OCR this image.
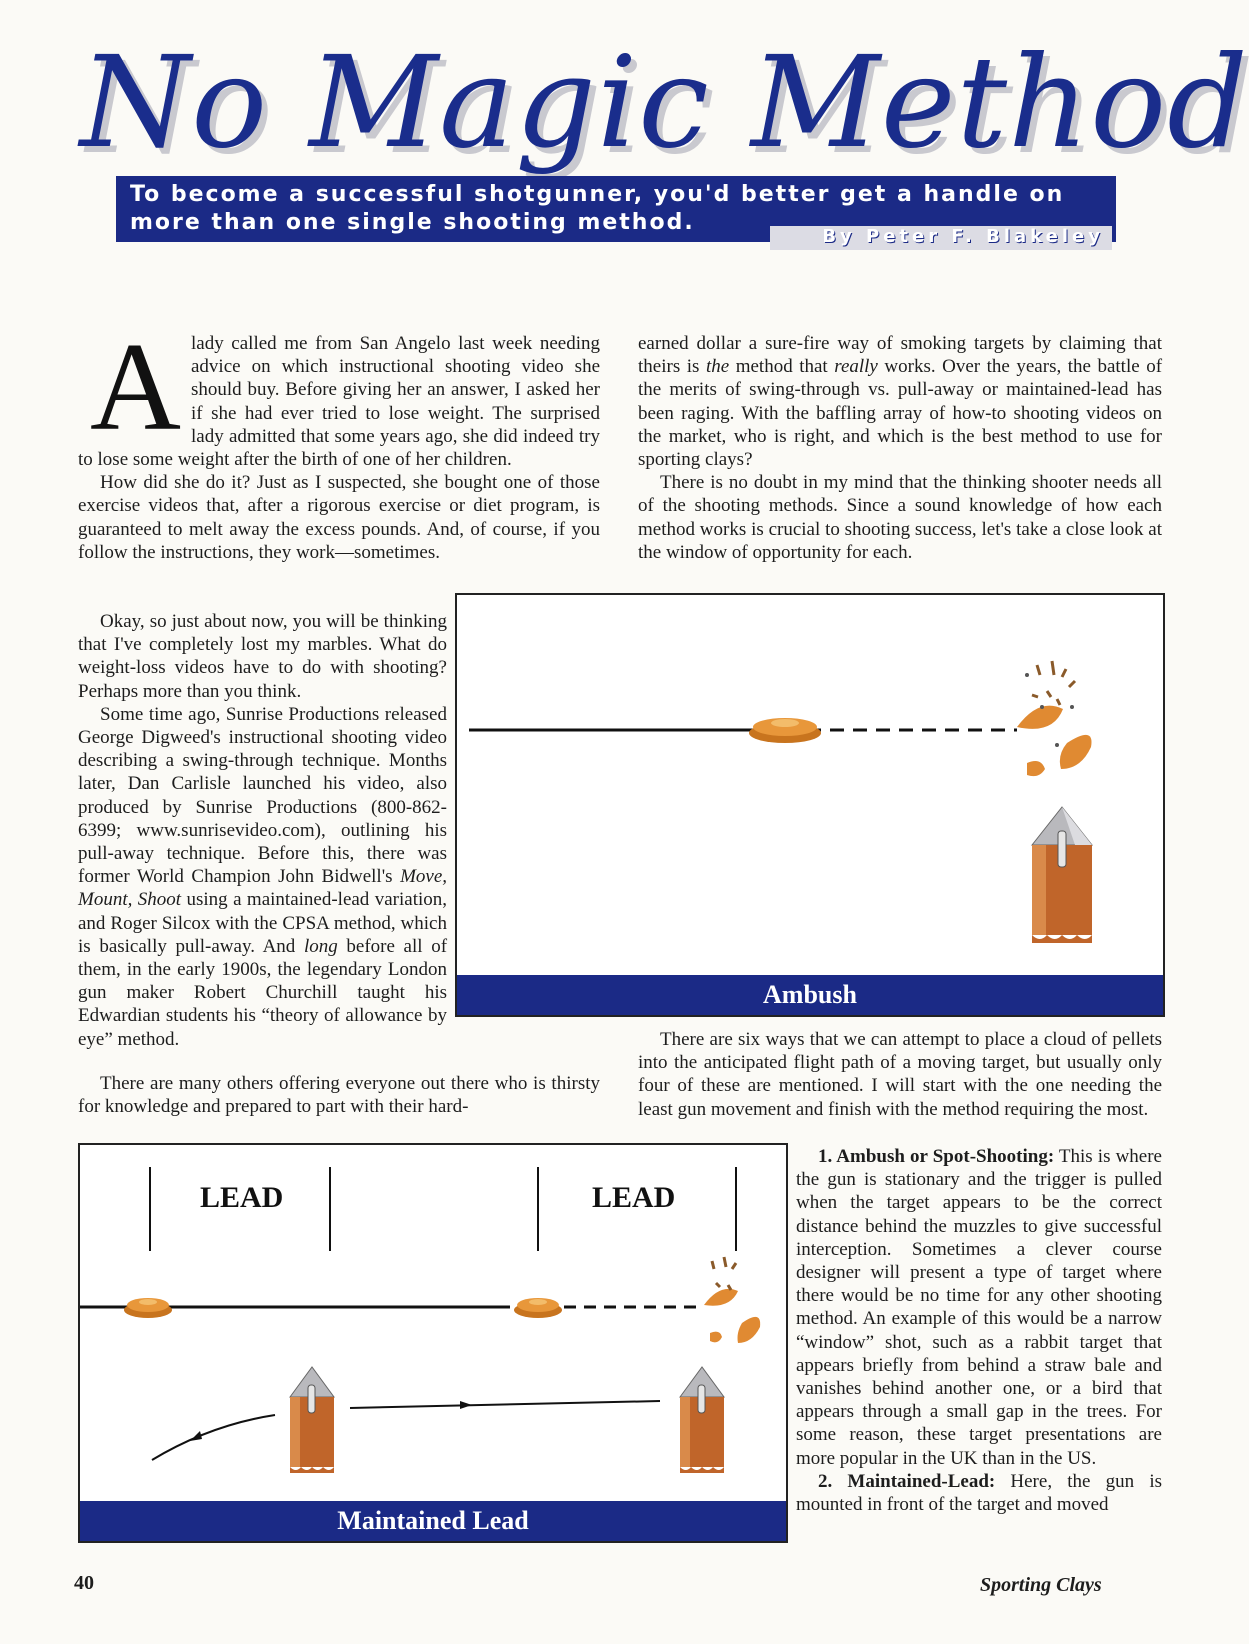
No Magic Method
To become a successful shotgunner, you'd better get a handle on
more than one single shooting method.
By Peter F. Blakeley
A lady called me from San Angelo last week needing advice on which instructional shooting video she should buy. Before giving her an answer, I asked her if she had ever tried to lose weight. The surprised lady admitted that some years ago, she did indeed try to lose some weight after the birth of one of her children.

How did she do it? Just as I suspected, she bought one of those exercise videos that, after a rigorous exercise or diet program, is guaranteed to melt away the excess pounds. And, of course, if you follow the instructions, they work—sometimes.

Okay, so just about now, you will be thinking that I've completely lost my marbles. What do weight-loss videos have to do with shooting? Perhaps more than you think.

Some time ago, Sunrise Productions released George Digweed's instructional shooting video describing a swing-through technique. Months later, Dan Carlisle launched his video, also produced by Sunrise Productions (800-862-6399; www.sunrisevideo.com), outlining his pull-away technique. Before this, there was former World Champion John Bidwell's Move, Mount, Shoot using a maintained-lead variation, and Roger Silcox with the CPSA method, which is basically pull-away. And long before all of them, in the early 1900s, the legendary London gun maker Robert Churchill taught his Edwardian students his “theory of allowance by eye” method.

There are many others offering everyone out there who is thirsty for knowledge and prepared to part with their hard-

earned dollar a sure-fire way of smoking targets by claiming that theirs is the method that really works. Over the years, the battle of the merits of swing-through vs. pull-away or maintained-lead has been raging. With the baffling array of how-to shooting videos on the market, who is right, and which is the best method to use for sporting clays?

There is no doubt in my mind that the thinking shooter needs all of the shooting methods. Since a sound knowledge of how each method works is crucial to shooting success, let's take a close look at the window of opportunity for each.

Ambush

There are six ways that we can attempt to place a cloud of pellets into the anticipated flight path of a moving target, but usually only four of these are mentioned. I will start with the one needing the least gun movement and finish with the method requiring the most.

LEAD	LEAD
Maintained Lead

1. Ambush or Spot-Shooting: This is where the gun is stationary and the trigger is pulled when the target appears to be the correct distance behind the muzzles to give successful interception. Sometimes a clever course designer will present a type of target where there would be no time for any other shooting method. An example of this would be a narrow “window” shot, such as a rabbit target that appears briefly from behind a straw bale and vanishes behind another one, or a bird that appears through a small gap in the trees. For some reason, these target presentations are more popular in the UK than in the US.

2. Maintained-Lead: Here, the gun is mounted in front of the target and moved

40	Sporting Clays
